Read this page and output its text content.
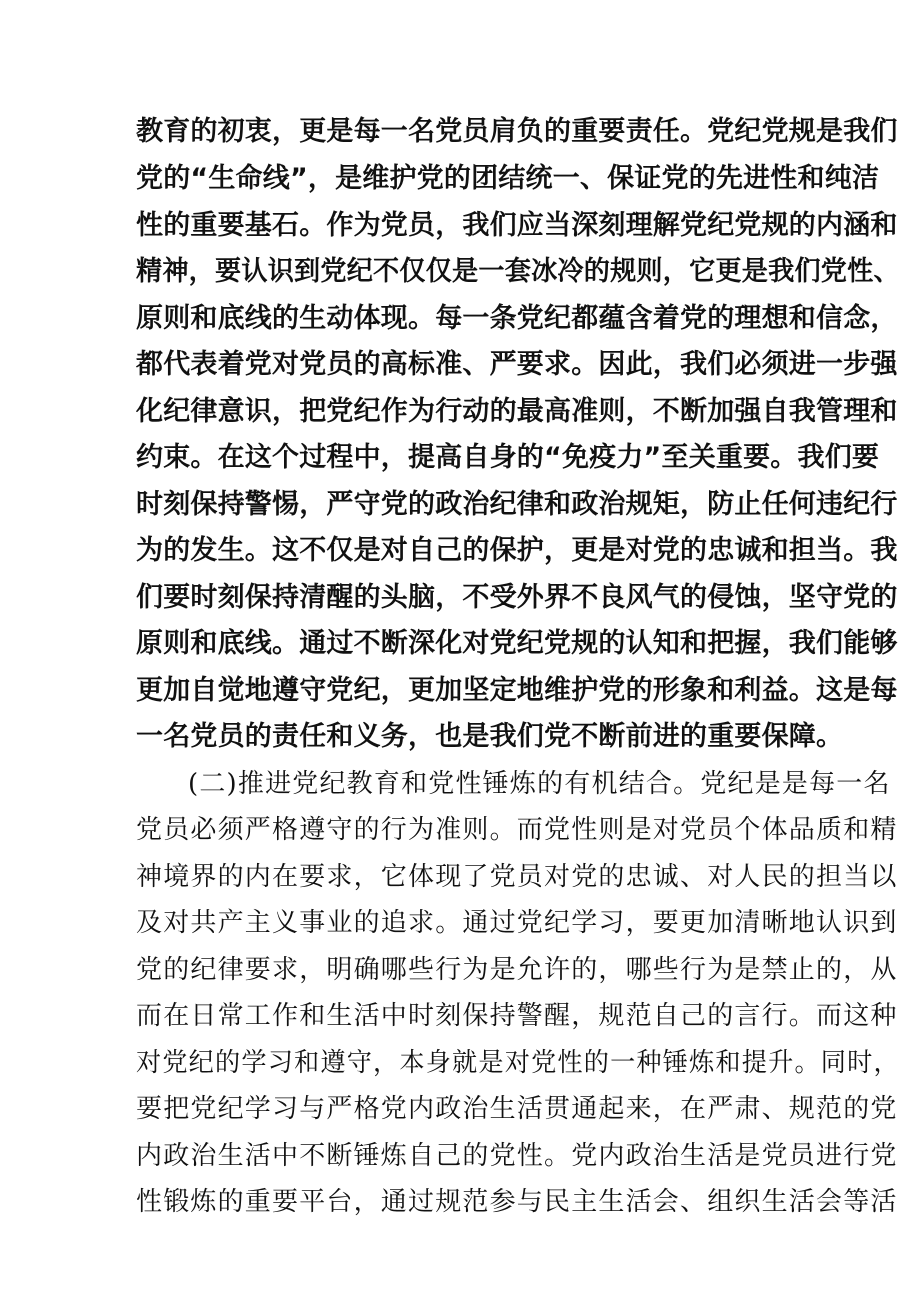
教育的初衷，更是每一名党员肩负的重要责任。党纪党规是我们
党的“生命线”，是维护党的团结统一、保证党的先进性和纯洁
性的重要基石。作为党员，我们应当深刻理解党纪党规的内涵和
精神，要认识到党纪不仅仅是一套冰冷的规则，它更是我们党性、
原则和底线的生动体现。每一条党纪都蕴含着党的理想和信念，
都代表着党对党员的高标准、严要求。因此，我们必须进一步强
化纪律意识，把党纪作为行动的最高准则，不断加强自我管理和
约束。在这个过程中，提高自身的“免疫力”至关重要。我们要
时刻保持警惕，严守党的政治纪律和政治规矩，防止任何违纪行
为的发生。这不仅是对自己的保护，更是对党的忠诚和担当。我
们要时刻保持清醒的头脑，不受外界不良风气的侵蚀，坚守党的
原则和底线。通过不断深化对党纪党规的认知和把握，我们能够
更加自觉地遵守党纪，更加坚定地维护党的形象和利益。这是每
一名党员的责任和义务，也是我们党不断前进的重要保障。
(二)推进党纪教育和党性锤炼的有机结合。党纪是是每一名
党员必须严格遵守的行为准则。而党性则是对党员个体品质和精
神境界的内在要求，它体现了党员对党的忠诚、对人民的担当以
及对共产主义事业的追求。通过党纪学习，要更加清晰地认识到
党的纪律要求，明确哪些行为是允许的，哪些行为是禁止的，从
而在日常工作和生活中时刻保持警醒，规范自己的言行。而这种
对党纪的学习和遵守，本身就是对党性的一种锤炼和提升。同时，
要把党纪学习与严格党内政治生活贯通起来，在严肃、规范的党
内政治生活中不断锤炼自己的党性。党内政治生活是党员进行党
性锻炼的重要平台，通过规范参与民主生活会、组织生活会等活
